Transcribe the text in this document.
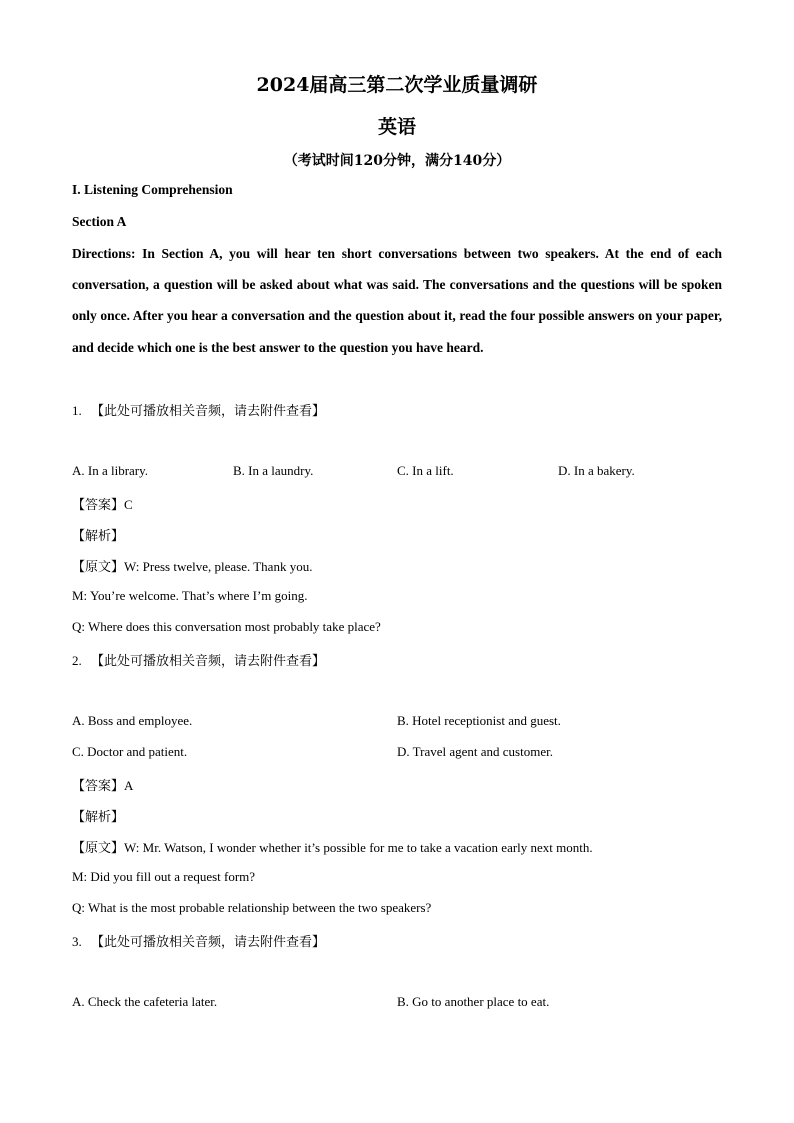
2024届高三第二次学业质量调研
英语
（考试时间120分钟，满分140分）
I. Listening Comprehension
Section A
Directions: In Section A, you will hear ten short conversations between two speakers. At the end of each conversation, a question will be asked about what was said. The conversations and the questions will be spoken only once. After you hear a conversation and the question about it, read the four possible answers on your paper, and decide which one is the best answer to the question you have heard.
1. 【此处可播放相关音频，请去附件查看】
A. In a library.	B. In a laundry.	C. In a lift.	D. In a bakery.
【答案】C
【解析】
【原文】W: Press twelve, please. Thank you.
M: You’re welcome. That’s where I’m going.
Q: Where does this conversation most probably take place?
2. 【此处可播放相关音频，请去附件查看】
A. Boss and employee.	B. Hotel receptionist and guest.
C. Doctor and patient.	D. Travel agent and customer.
【答案】A
【解析】
【原文】W: Mr. Watson, I wonder whether it’s possible for me to take a vacation early next month.
M: Did you fill out a request form?
Q: What is the most probable relationship between the two speakers?
3. 【此处可播放相关音频，请去附件查看】
A. Check the cafeteria later.	B. Go to another place to eat.
